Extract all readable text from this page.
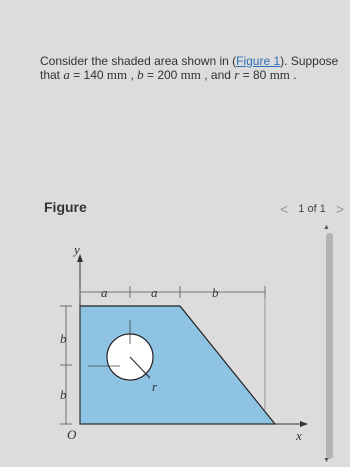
Consider the shaded area shown in (Figure 1). Suppose
that a = 140 mm , b = 200 mm , and r = 80 mm .
Figure	< 1 of 1 >
y
x
O
a	a	b
b
b
r
▲
▼
